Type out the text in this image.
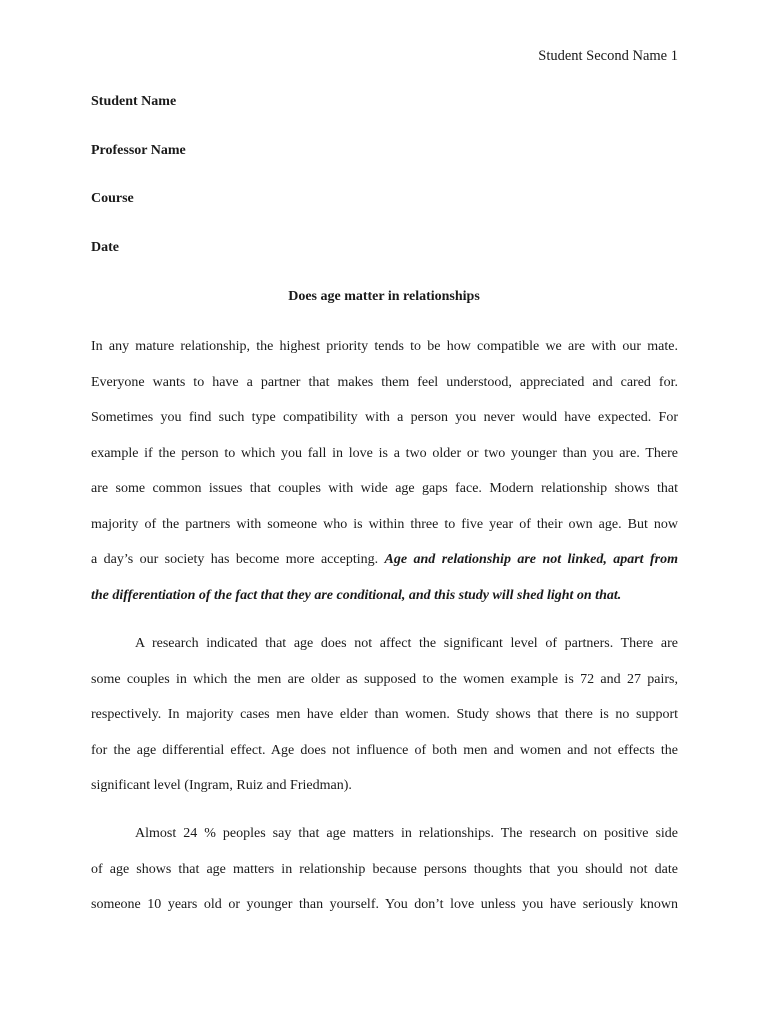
Student Second Name 1
Student Name
Professor Name
Course
Date
Does age matter in relationships
In any mature relationship, the highest priority tends to be how compatible we are with our mate.
Everyone wants to have a partner that makes them feel understood, appreciated and cared for.
Sometimes you find such type compatibility with a person you never would have expected. For
example if the person to which you fall in love is a two older or two younger than you are. There
are some common issues that couples with wide age gaps face. Modern relationship shows that
majority of the partners with someone who is within three to five year of their own age. But now
a day’s our society has become more accepting. Age and relationship are not linked, apart from
the differentiation of the fact that they are conditional, and this study will shed light on that.
A research indicated that age does not affect the significant level of partners. There are
some couples in which the men are older as supposed to the women example is 72 and 27 pairs,
respectively. In majority cases men have elder than women. Study shows that there is no support
for the age differential effect. Age does not influence of both men and women and not effects the
significant level (Ingram, Ruiz and Friedman).
Almost 24 % peoples say that age matters in relationships. The research on positive side
of age shows that age matters in relationship because persons thoughts that you should not date
someone 10 years old or younger than yourself. You don’t love unless you have seriously known
